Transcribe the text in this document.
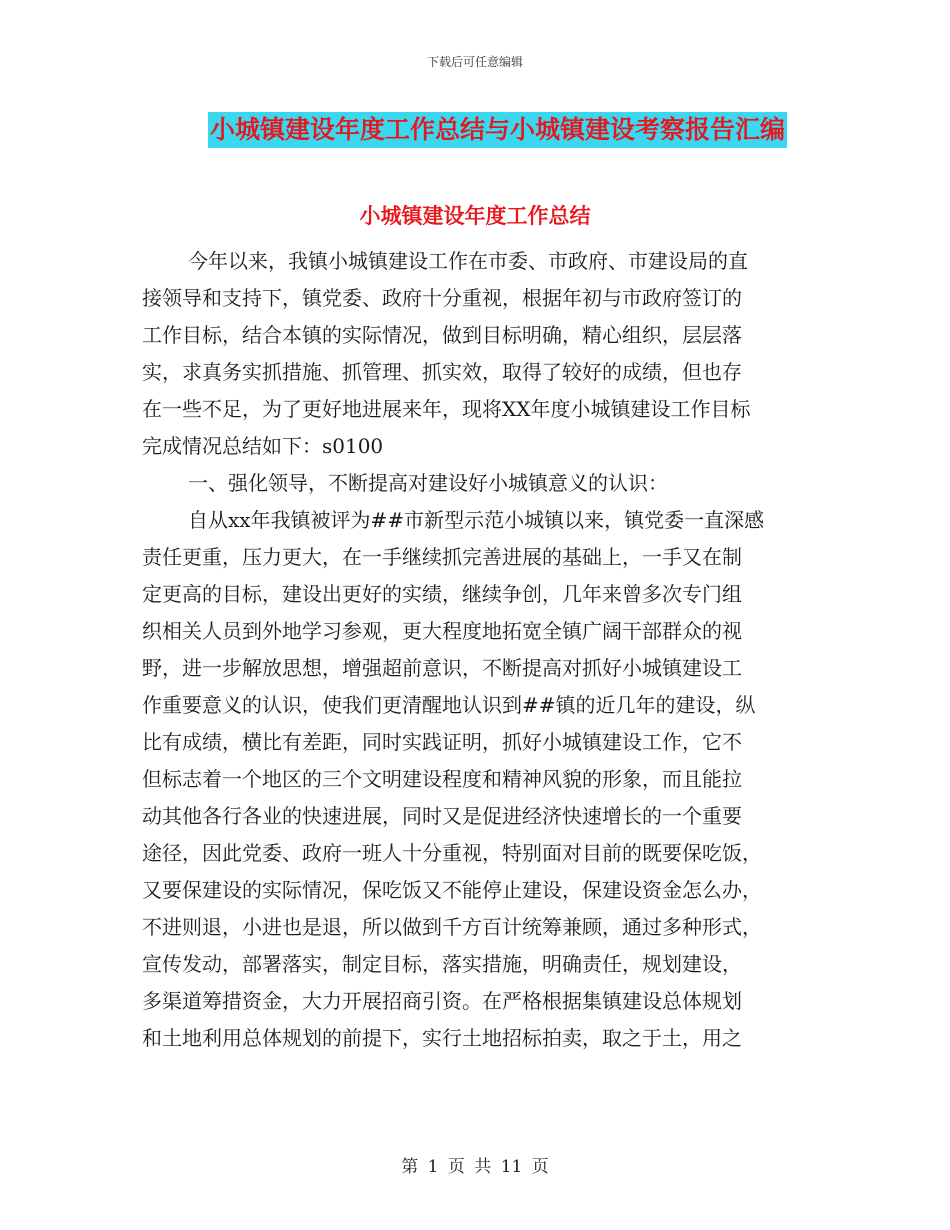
下载后可任意编辑
小城镇建设年度工作总结与小城镇建设考察报告汇编
小城镇建设年度工作总结
今年以来，我镇小城镇建设工作在市委、市政府、市建设局的直
接领导和支持下，镇党委、政府十分重视，根据年初与市政府签订的
工作目标，结合本镇的实际情况，做到目标明确，精心组织，层层落
实，求真务实抓措施、抓管理、抓实效，取得了较好的成绩，但也存
在一些不足，为了更好地进展来年，现将XX年度小城镇建设工作目标
完成情况总结如下：s0100
一、强化领导，不断提高对建设好小城镇意义的认识：
自从xx年我镇被评为##市新型示范小城镇以来，镇党委一直深感
责任更重，压力更大，在一手继续抓完善进展的基础上，一手又在制
定更高的目标，建设出更好的实绩，继续争创，几年来曾多次专门组
织相关人员到外地学习参观，更大程度地拓宽全镇广阔干部群众的视
野，进一步解放思想，增强超前意识，不断提高对抓好小城镇建设工
作重要意义的认识，使我们更清醒地认识到##镇的近几年的建设，纵
比有成绩，横比有差距，同时实践证明，抓好小城镇建设工作，它不
但标志着一个地区的三个文明建设程度和精神风貌的形象，而且能拉
动其他各行各业的快速进展，同时又是促进经济快速增长的一个重要
途径，因此党委、政府一班人十分重视，特别面对目前的既要保吃饭，
又要保建设的实际情况，保吃饭又不能停止建设，保建设资金怎么办，
不进则退，小进也是退，所以做到千方百计统筹兼顾，通过多种形式，
宣传发动，部署落实，制定目标，落实措施，明确责任，规划建设，
多渠道筹措资金，大力开展招商引资。在严格根据集镇建设总体规划
和土地利用总体规划的前提下，实行土地招标拍卖，取之于土，用之
第 1 页 共 11 页
